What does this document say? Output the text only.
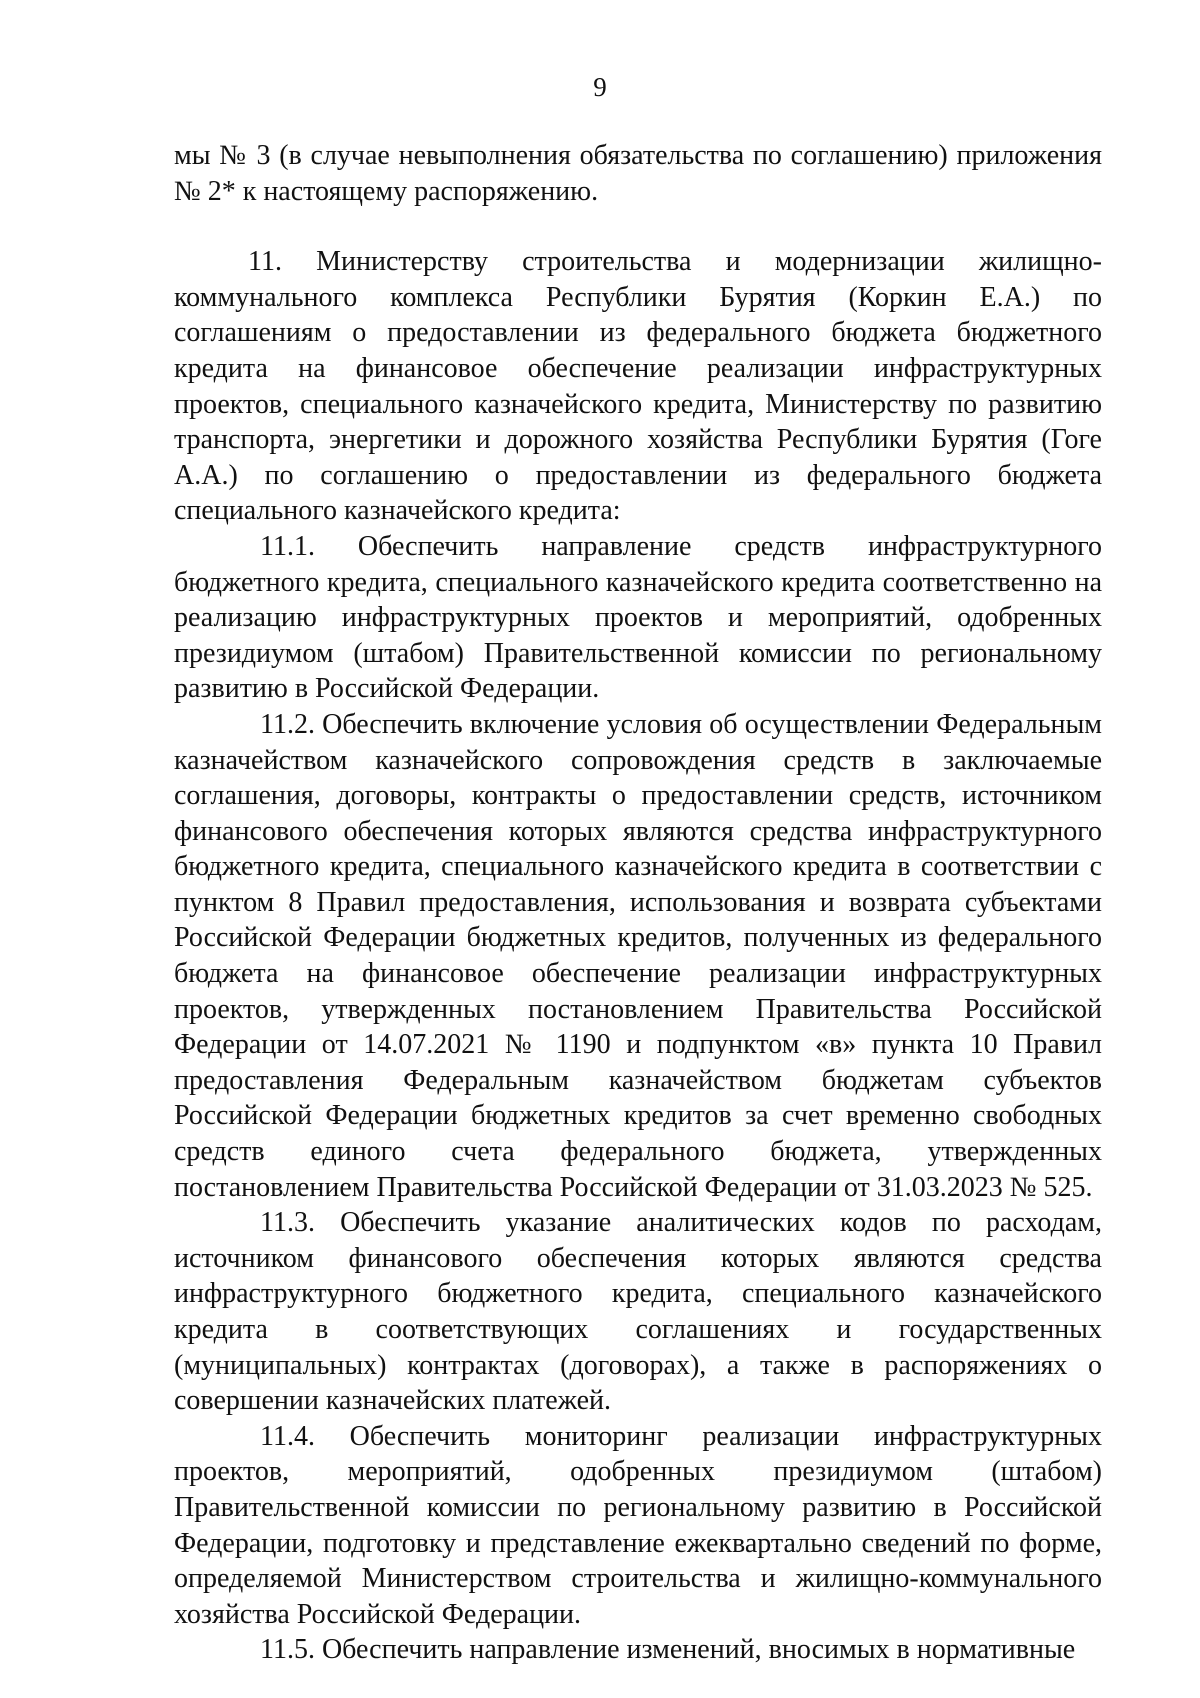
9

мы № 3 (в случае невыполнения обязательства по соглашению) приложения № 2* к настоящему распоряжению.

11. Министерству строительства и модернизации жилищно-коммунального комплекса Республики Бурятия (Коркин Е.А.) по соглашениям о предоставлении из федерального бюджета бюджетного кредита на финансовое обеспечение реализации инфраструктурных проектов, специального казначейского кредита, Министерству по развитию транспорта, энергетики и дорожного хозяйства Республики Бурятия (Гоге А.А.) по соглашению о предоставлении из федерального бюджета специального казначейского кредита:

11.1. Обеспечить направление средств инфраструктурного бюджетного кредита, специального казначейского кредита соответственно на реализацию инфраструктурных проектов и мероприятий, одобренных президиумом (штабом) Правительственной комиссии по региональному развитию в Российской Федерации.

11.2. Обеспечить включение условия об осуществлении Федеральным казначейством казначейского сопровождения средств в заключаемые соглашения, договоры, контракты о предоставлении средств, источником финансового обеспечения которых являются средства инфраструктурного бюджетного кредита, специального казначейского кредита в соответствии с пунктом 8 Правил предоставления, использования и возврата субъектами Российской Федерации бюджетных кредитов, полученных из федерального бюджета на финансовое обеспечение реализации инфраструктурных проектов, утвержденных постановлением Правительства Российской Федерации от 14.07.2021 № 1190 и подпунктом «в» пункта 10 Правил предоставления Федеральным казначейством бюджетам субъектов Российской Федерации бюджетных кредитов за счет временно свободных средств единого счета федерального бюджета, утвержденных постановлением Правительства Российской Федерации от 31.03.2023 № 525.

11.3. Обеспечить указание аналитических кодов по расходам, источником финансового обеспечения которых являются средства инфраструктурного бюджетного кредита, специального казначейского кредита в соответствующих соглашениях и государственных (муниципальных) контрактах (договорах), а также в распоряжениях о совершении казначейских платежей.

11.4. Обеспечить мониторинг реализации инфраструктурных проектов, мероприятий, одобренных президиумом (штабом) Правительственной комиссии по региональному развитию в Российской Федерации, подготовку и представление ежеквартально сведений по форме, определяемой Министерством строительства и жилищно-коммунального хозяйства Российской Федерации.

11.5. Обеспечить направление изменений, вносимых в нормативные
